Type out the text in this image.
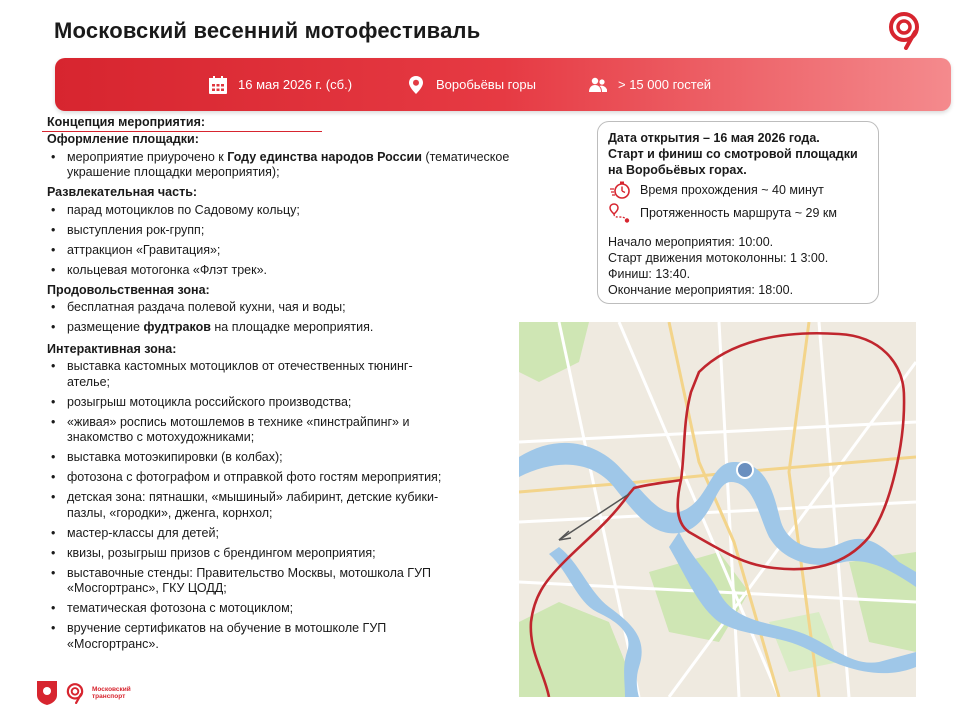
Московский весенний мотофестиваль
16 мая 2026 г. (сб.)	Воробьёвы горы	> 15 000 гостей
Концепция мероприятия:
Оформление площадки:
• мероприятие приурочено к Году единства народов России (тематическое украшение площадки мероприятия);
Развлекательная часть:
• парад мотоциклов по Садовому кольцу;
• выступления рок-групп;
• аттракцион «Гравитация»;
• кольцевая мотогонка «Флэт трек».
Продовольственная зона:
• бесплатная раздача полевой кухни, чая и воды;
• размещение фудтраков на площадке мероприятия.
Интерактивная зона:
• выставка кастомных мотоциклов от отечественных тюнинг-ателье;
• розыгрыш мотоцикла российского производства;
• «живая» роспись мотошлемов в технике «пинстрайпинг» и знакомство с мотохудожниками;
• выставка мотоэкипировки (в колбах);
• фотозона с фотографом и отправкой фото гостям мероприятия;
• детская зона: пятнашки, «мышиный» лабиринт, детские кубики-пазлы, «городки», дженга, корнхол;
• мастер-классы для детей;
• квизы, розыгрыш призов с брендингом мероприятия;
• выставочные стенды: Правительство Москвы, мотошкола ГУП «Мосгортранс», ГКУ ЦОДД;
• тематическая фотозона с мотоциклом;
• вручение сертификатов на обучение в мотошколе ГУП «Мосгортранс».
Дата открытия – 16 мая 2026 года.
Старт и финиш со смотровой площадки на Воробьёвых горах.
Время прохождения ~ 40 минут
Протяженность маршрута ~ 29 км
Начало мероприятия: 10:00.
Старт движения мотоколонны: 1 3:00.
Финиш: 13:40.
Окончание мероприятия: 18:00.
Московский транспорт
